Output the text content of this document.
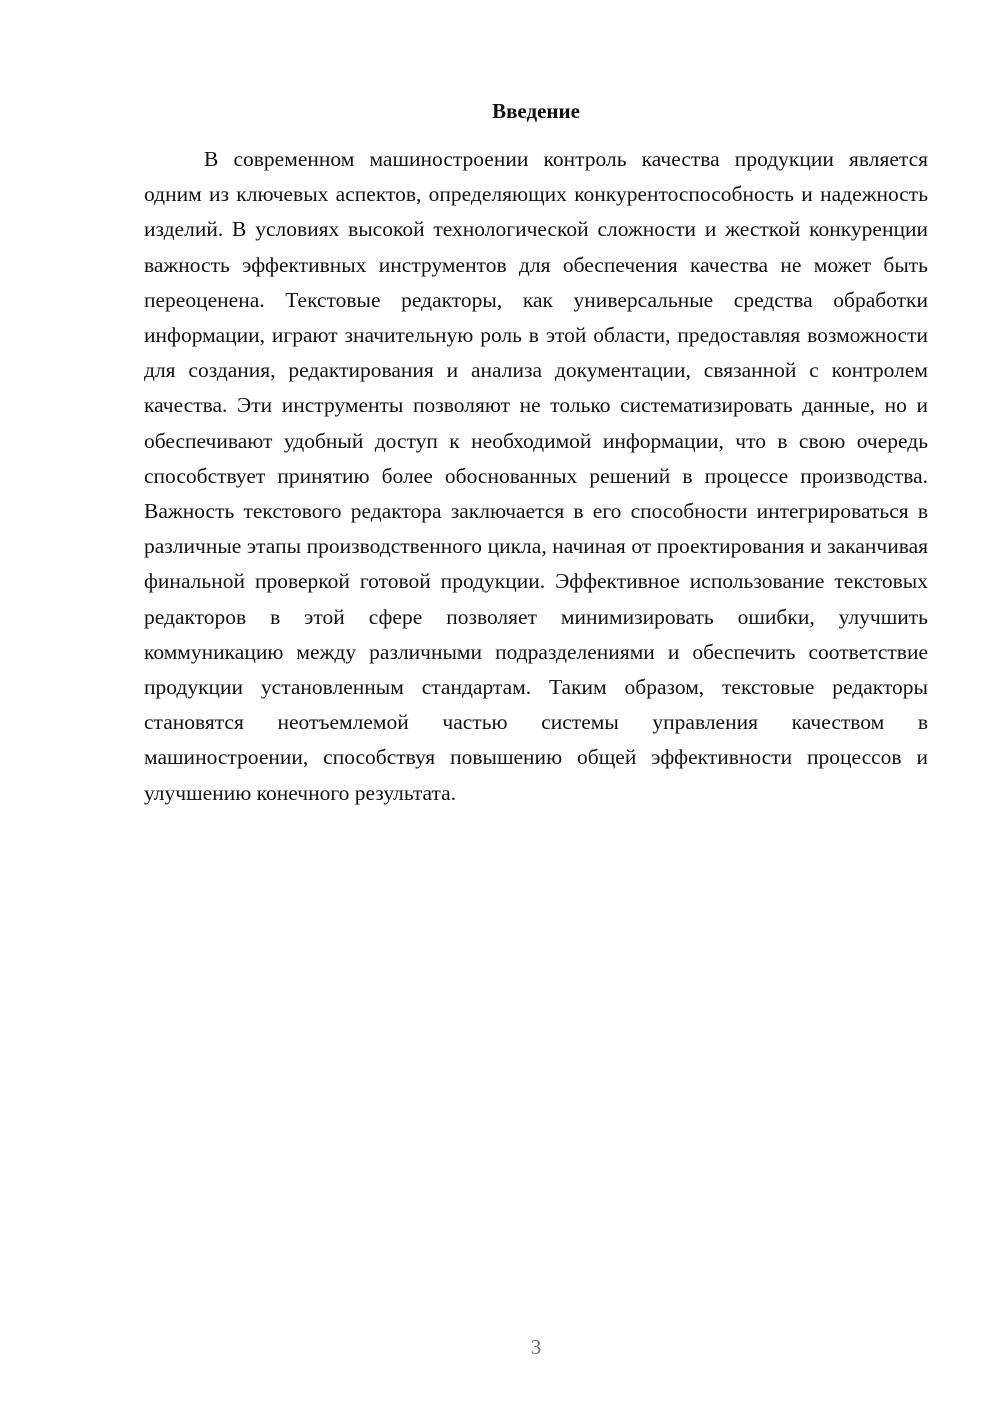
Введение

В современном машиностроении контроль качества продукции является одним из ключевых аспектов, определяющих конкурентоспособность и надежность изделий. В условиях высокой технологической сложности и жесткой конкуренции важность эффективных инструментов для обеспечения качества не может быть переоценена. Текстовые редакторы, как универсальные средства обработки информации, играют значительную роль в этой области, предоставляя возможности для создания, редактирования и анализа документации, связанной с контролем качества. Эти инструменты позволяют не только систематизировать данные, но и обеспечивают удобный доступ к необходимой информации, что в свою очередь способствует принятию более обоснованных решений в процессе производства. Важность текстового редактора заключается в его способности интегрироваться в различные этапы производственного цикла, начиная от проектирования и заканчивая финальной проверкой готовой продукции. Эффективное использование текстовых редакторов в этой сфере позволяет минимизировать ошибки, улучшить коммуникацию между различными подразделениями и обеспечить соответствие продукции установленным стандартам. Таким образом, текстовые редакторы становятся неотъемлемой частью системы управления качеством в машиностроении, способствуя повышению общей эффективности процессов и улучшению конечного результата.

3
